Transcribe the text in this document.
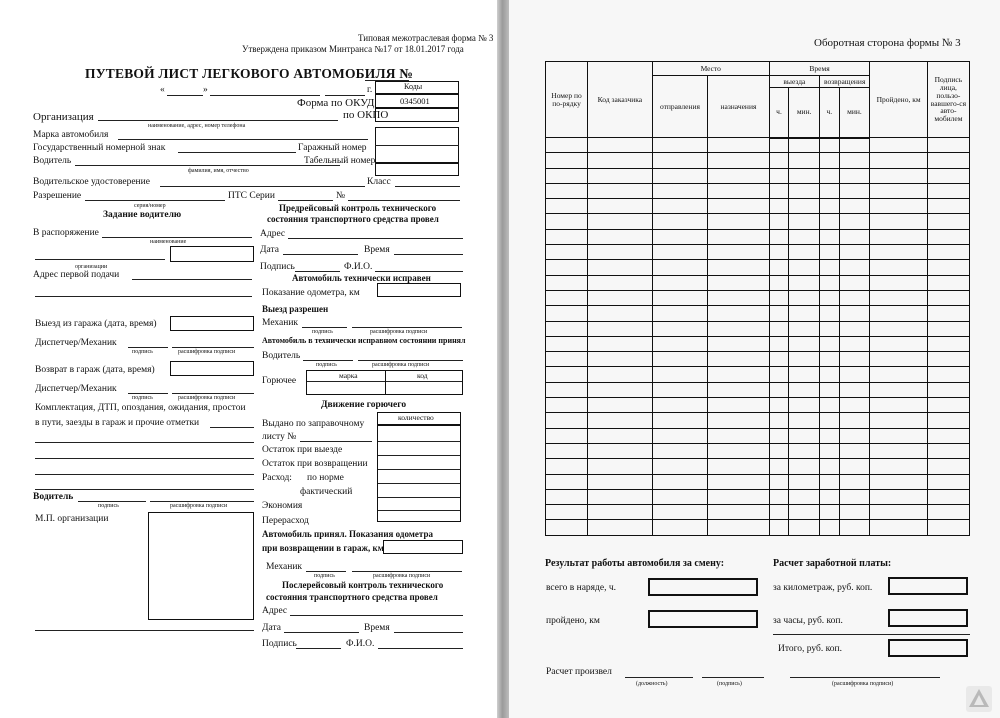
Типовая межотраслевая форма № 3
Утверждена приказом Минтранса №17 от 18.01.2017 года
ПУТЕВОЙ ЛИСТ ЛЕГКОВОГО АВТОМОБИЛЯ №
«	»	г.	Коды
Форма по ОКУД	0345001
по ОКПО
Организация
наименование, адрес, номер телефона
Марка автомобиля
Государственный номерной знак	Гаражный номер
Водитель	Табельный номер
фамилия, имя, отчество
Водительское удостоверение	Класс
Разрешение	ПТС Серии	№
серия/номер
Задание водителю
Предрейсовый контроль технического
состояния транспортного средства провел
В распоряжение
наименование
организации
Адрес
Дата	Время
Подпись	Ф.И.О.
Адрес первой подачи	Автомобиль технически исправен
Показание одометра, км
Выезд разрешен
Выезд из гаража (дата, время)	Механик
подпись	расшифровка подписи
Автомобиль в технически исправном состоянии принял
Диспетчер/Механик
подпись	расшифровка подписи	Водитель
подпись	расшифровка подписи
Возврат в гараж (дата, время)
марка	код
Горючее
Диспетчер/Механик
подпись	расшифровка подписи
Комплектация, ДТП, опоздания, ожидания, простои
в пути, заезды в гараж и прочие отметки
Движение горючего
количество
Выдано по заправочному
листу №
Остаток при выезде
Остаток при возвращении
Расход: по норме
фактический
Экономия
Перерасход
Водитель
подпись	расшифровка подписи
М.П. организации
Автомобиль принял. Показания одометра
при возвращении в гараж, км
Механик
подпись	расшифровка подписи
Послерейсовый контроль технического
состояния транспортного средства провел
Адрес
Дата	Время
Подпись	Ф.И.О.
Оборотная сторона формы № 3
Номер по по-рядку	Код заказчика	Место		Время				Пройдено, км	Подпись лица, пользо-вавшего-ся авто-мобилем
		отправления	назначения	выезда		возвращения			
				ч.	мин.	ч.	мин.		

Результат работы автомобиля за смену:	Расчет заработной платы:
всего в наряде, ч.	за километраж, руб. коп.
пройдено, км	за часы, руб. коп.
Итого, руб. коп.
Расчет произвел
(должность)	(подпись)	(расшифровка подписи)
